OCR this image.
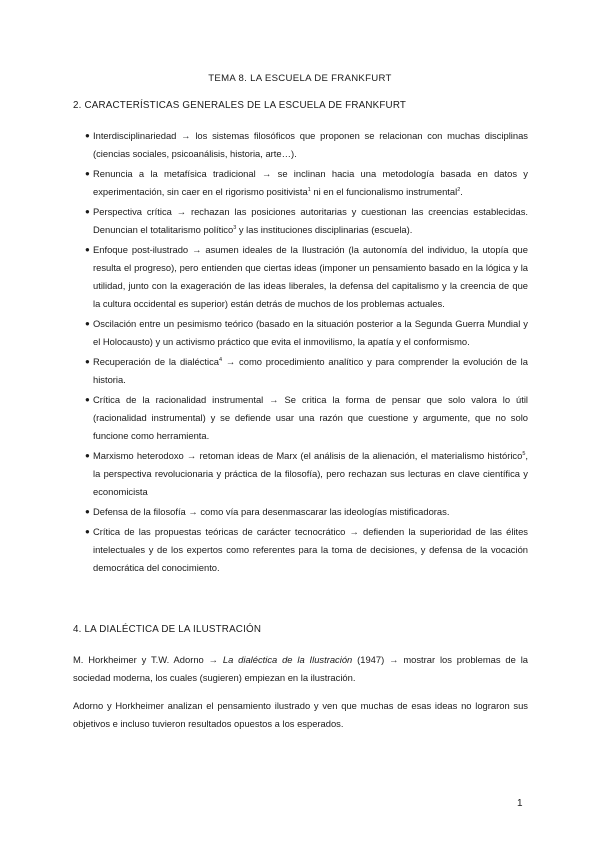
TEMA 8. LA ESCUELA DE FRANKFURT
2. CARACTERÍSTICAS GENERALES DE LA ESCUELA DE FRANKFURT
● Interdisciplinariedad → los sistemas filosóficos que proponen se relacionan con muchas disciplinas (ciencias sociales, psicoanálisis, historia, arte…).
● Renuncia a la metafísica tradicional → se inclinan hacia una metodología basada en datos y experimentación, sin caer en el rigorismo positivista$^1$ ni en el funcionalismo instrumental$^2$.
● Perspectiva crítica → rechazan las posiciones autoritarias y cuestionan las creencias establecidas. Denuncian el totalitarismo político$^3$ y las instituciones disciplinarias (escuela).
● Enfoque post-ilustrado → asumen ideales de la Ilustración (la autonomía del individuo, la utopía que resulta el progreso), pero entienden que ciertas ideas (imponer un pensamiento basado en la lógica y la utilidad, junto con la exageración de las ideas liberales, la defensa del capitalismo y la creencia de que la cultura occidental es superior) están detrás de muchos de los problemas actuales.
● Oscilación entre un pesimismo teórico (basado en la situación posterior a la Segunda Guerra Mundial y el Holocausto) y un activismo práctico que evita el inmovilismo, la apatía y el conformismo.
● Recuperación de la dialéctica$^4$ → como procedimiento analítico y para comprender la evolución de la historia.
● Crítica de la racionalidad instrumental → Se critica la forma de pensar que solo valora lo útil (racionalidad instrumental) y se defiende usar una razón que cuestione y argumente, que no solo funcione como herramienta.
● Marxismo heterodoxo → retoman ideas de Marx (el análisis de la alienación, el materialismo histórico$^5$, la perspectiva revolucionaria y práctica de la filosofía), pero rechazan sus lecturas en clave científica y economicista
● Defensa de la filosofía → como vía para desenmascarar las ideologías mistificadoras.
● Crítica de las propuestas teóricas de carácter tecnocrático → defienden la superioridad de las élites intelectuales y de los expertos como referentes para la toma de decisiones, y defensa de la vocación democrática del conocimiento.
4. LA DIALÉCTICA DE LA ILUSTRACIÓN
M. Horkheimer y T.W. Adorno → La dialéctica de la Ilustración (1947) → mostrar los problemas de la sociedad moderna, los cuales (sugieren) empiezan en la ilustración.
Adorno y Horkheimer analizan el pensamiento ilustrado y ven que muchas de esas ideas no lograron sus objetivos e incluso tuvieron resultados opuestos a los esperados.
1
